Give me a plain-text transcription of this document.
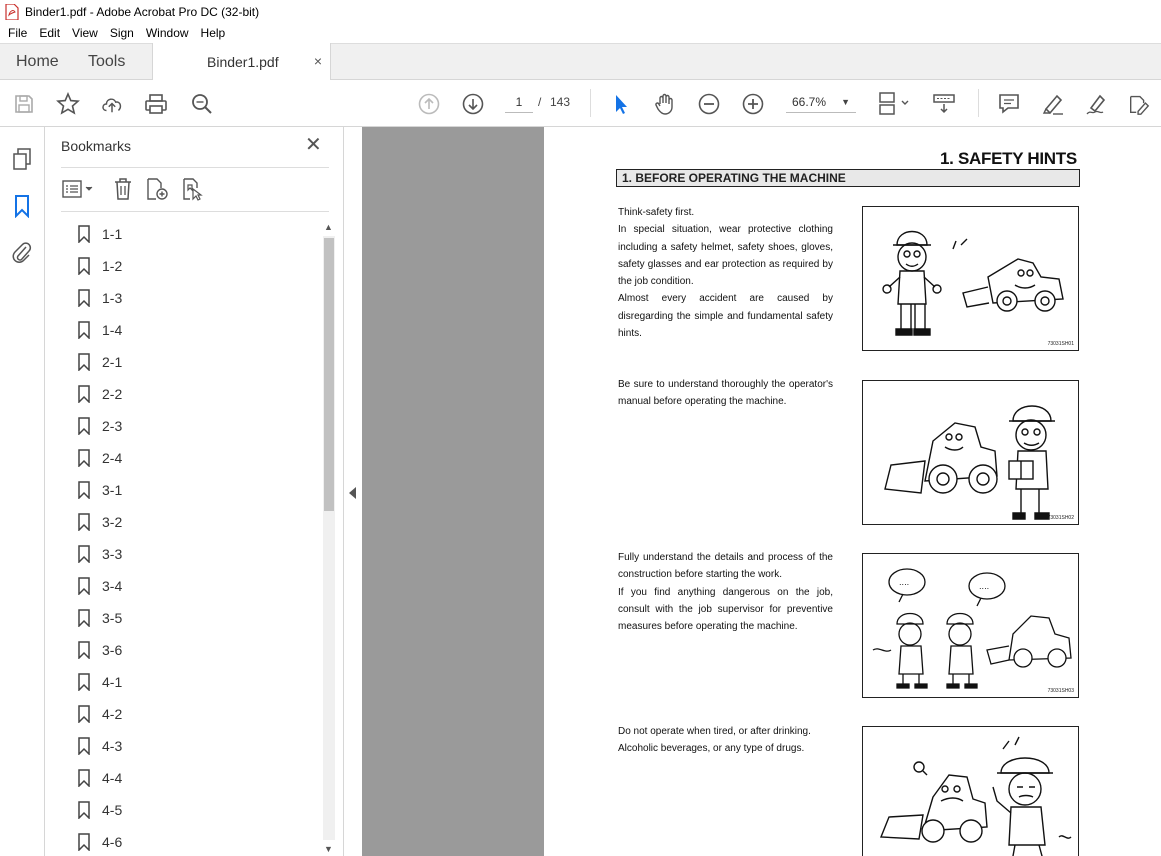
Binder1.pdf - Adobe Acrobat Pro DC (32-bit)
File	Edit	View	Sign	Window	Help
Home Tools	Binder1.pdf	×
1	/ 143	66.7% ▼
Bookmarks	✕
1-1
1-2
1-3
1-4
2-1
2-2
2-3
2-4
3-1
3-2
3-3
3-4
3-5
3-6
4-1
4-2
4-3
4-4
4-5
4-6
▲
▼
1. SAFETY HINTS
1. BEFORE OPERATING THE MACHINE

Think-safety first.

In special situation, wear protective clothing including a safety helmet, safety shoes, gloves, safety glasses and ear protection as required by the job condition.

Almost every accident are caused by disregarding the simple and fundamental safety hints.

73031SH01

Be sure to understand thoroughly the operator's manual before operating the machine.

73031SH02

Fully understand the details and process of the construction before starting the work.

If you find anything dangerous on the job, consult with the job supervisor for preventive measures before operating the machine.

....	....
73031SH03

Do not operate when tired, or after drinking.

Alcoholic beverages, or any type of drugs.
